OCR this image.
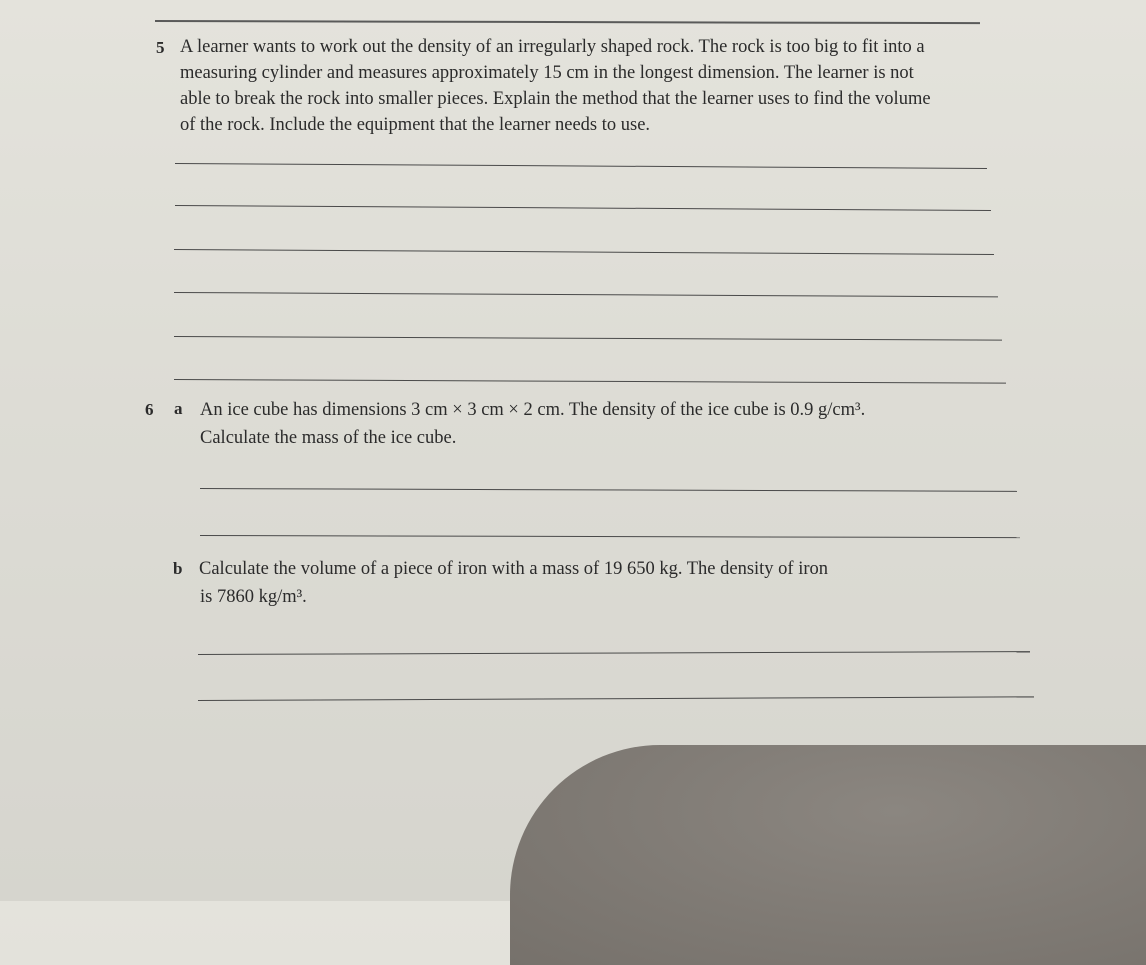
5 A learner wants to work out the density of an irregularly shaped rock. The rock is too big to fit into a

measuring cylinder and measures approximately 15 cm in the longest dimension. The learner is not

able to break the rock into smaller pieces. Explain the method that the learner uses to find the volume

of the rock. Include the equipment that the learner needs to use.

6 a An ice cube has dimensions 3 cm × 3 cm × 2 cm. The density of the ice cube is 0.9 g/cm³.

Calculate the mass of the ice cube.

b Calculate the volume of a piece of iron with a mass of 19 650 kg. The density of iron

is 7860 kg/m³.
